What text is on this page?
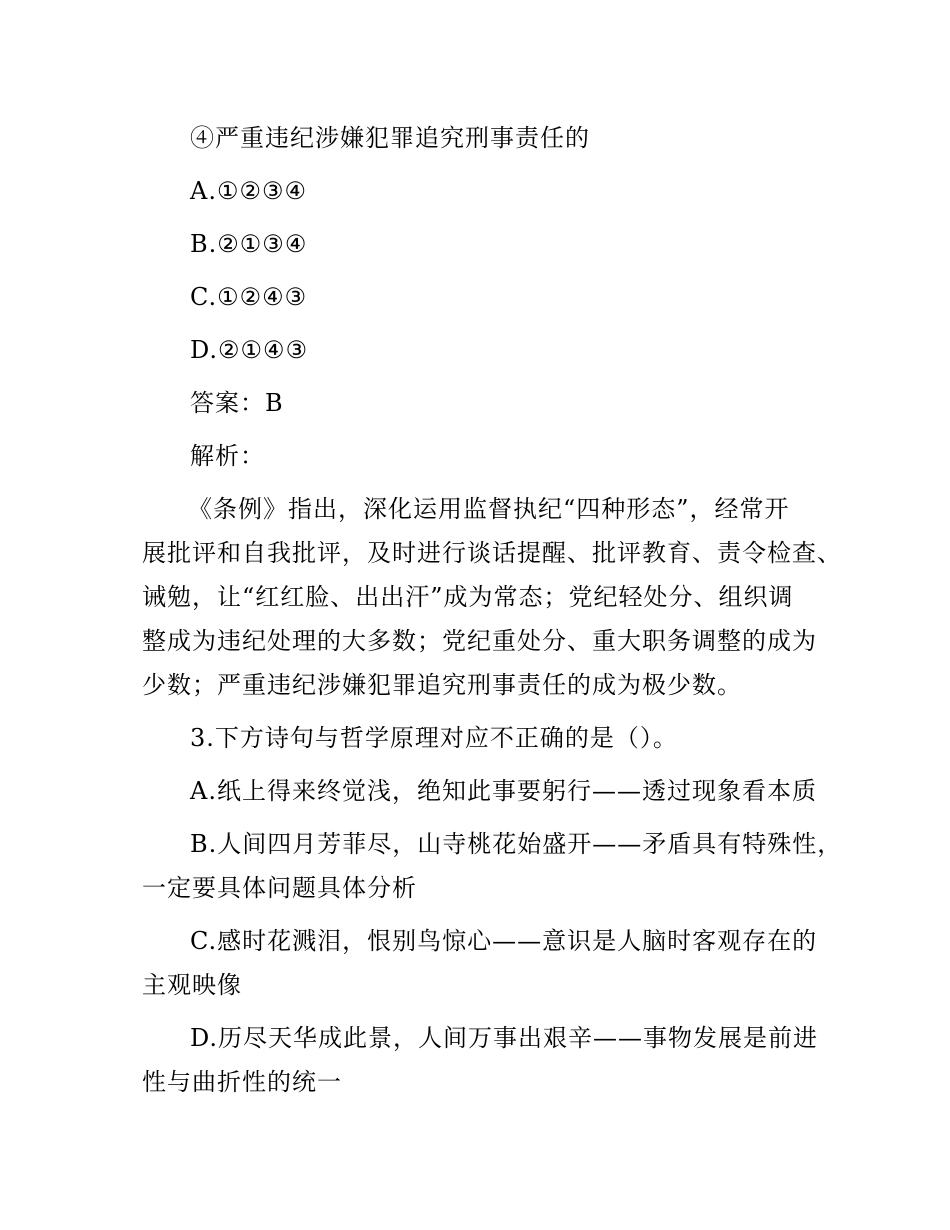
④严重违纪涉嫌犯罪追究刑事责任的
A.①②③④
B.②①③④
C.①②④③
D.②①④③
答案：B
解析：
《条例》指出，深化运用监督执纪“四种形态”，经常开
展批评和自我批评，及时进行谈话提醒、批评教育、责令检查、
诫勉，让“红红脸、出出汗”成为常态；党纪轻处分、组织调
整成为违纪处理的大多数；党纪重处分、重大职务调整的成为
少数；严重违纪涉嫌犯罪追究刑事责任的成为极少数。
3.下方诗句与哲学原理对应不正确的是（）。
A.纸上得来终觉浅，绝知此事要躬行——透过现象看本质
B.人间四月芳菲尽，山寺桃花始盛开——矛盾具有特殊性，
一定要具体问题具体分析
C.感时花溅泪，恨别鸟惊心——意识是人脑时客观存在的
主观映像
D.历尽天华成此景，人间万事出艰辛——事物发展是前进
性与曲折性的统一
